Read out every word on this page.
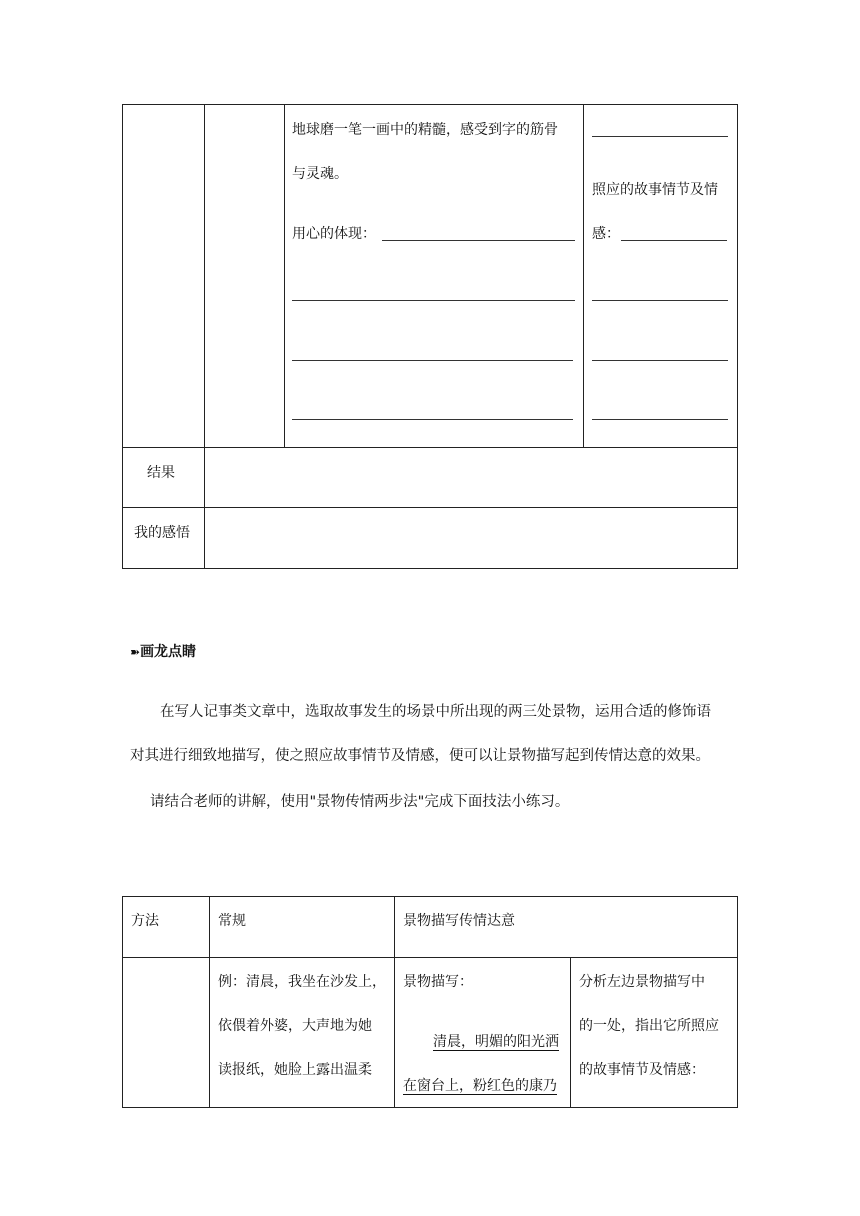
地球磨一笔一画中的精髓，感受到字的筋骨
与灵魂。
用心的体现：
照应的故事情节及情
感：
结果
我的感悟
➽画龙点睛
在写人记事类文章中，选取故事发生的场景中所出现的两三处景物，运用合适的修饰语
对其进行细致地描写，使之照应故事情节及情感，便可以让景物描写起到传情达意的效果。
请结合老师的讲解，使用"景物传情两步法"完成下面技法小练习。
方法	常规	景物描写传情达意
例：清晨，我坐在沙发上，
依偎着外婆，大声地为她
读报纸，她脸上露出温柔
景物描写：
清晨，明媚的阳光洒
在窗台上，粉红色的康乃
分析左边景物描写中
的一处，指出它所照应
的故事情节及情感：
